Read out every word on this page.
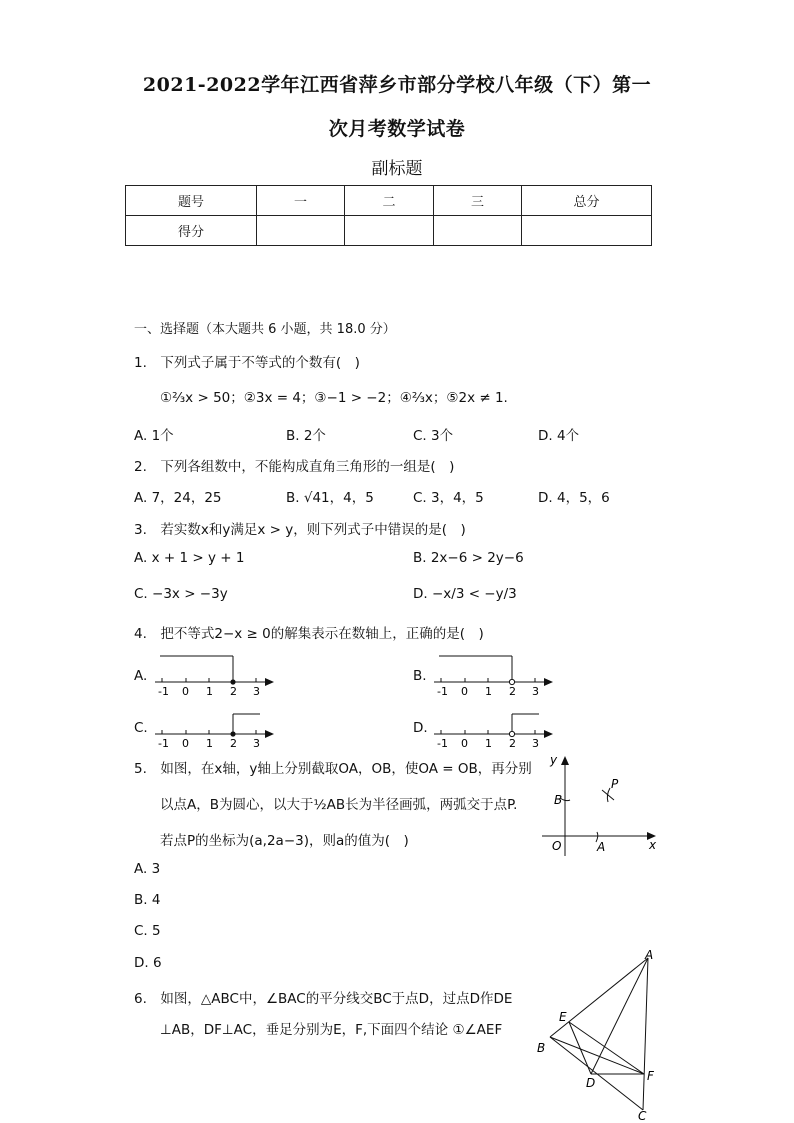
2021-2022学年江西省萍乡市部分学校八年级（下）第一
次月考数学试卷
副标题
题号	一	二	三	总分
得分				
一、选择题（本大题共 6 小题，共 18.0 分）
1.　下列式子属于不等式的个数有(　)
①⅔x > 50；②3x = 4；③−1 > −2；④⅔x；⑤2x ≠ 1.
A. 1个	B. 2个	C. 3个	D. 4个
2.　下列各组数中，不能构成直角三角形的一组是(　)
A. 7，24，25	B. √41，4，5	C. 3，4，5	D. 4，5，6
3.　若实数x和y满足x > y，则下列式子中错误的是(　)
A. x + 1 > y + 1	B. 2x−6 > 2y−6
C. −3x > −3y	D. −x/3 < −y/3
4.　把不等式2−x ≥ 0的解集表示在数轴上，正确的是(　)
A.	B.
C.	D.
-1 0 1 2 3	-1 0 1 2 3
-1 0 1 2 3	-1 0 1 2 3
5.　如图，在x轴，y轴上分别截取OA，OB，使OA = OB，再分别
以点A，B为圆心，以大于½AB长为半径画弧，两弧交于点P.
若点P的坐标为(a,2a−3)，则a的值为(　)
A. 3
B. 4
C. 5
D. 6
y
x
O	A
B
P
6.　如图，△ABC中，∠BAC的平分线交BC于点D，过点D作DE
⊥AB，DF⊥AC，垂足分别为E，F,下面四个结论 ①∠AEF
A
B
C
D
E
F
